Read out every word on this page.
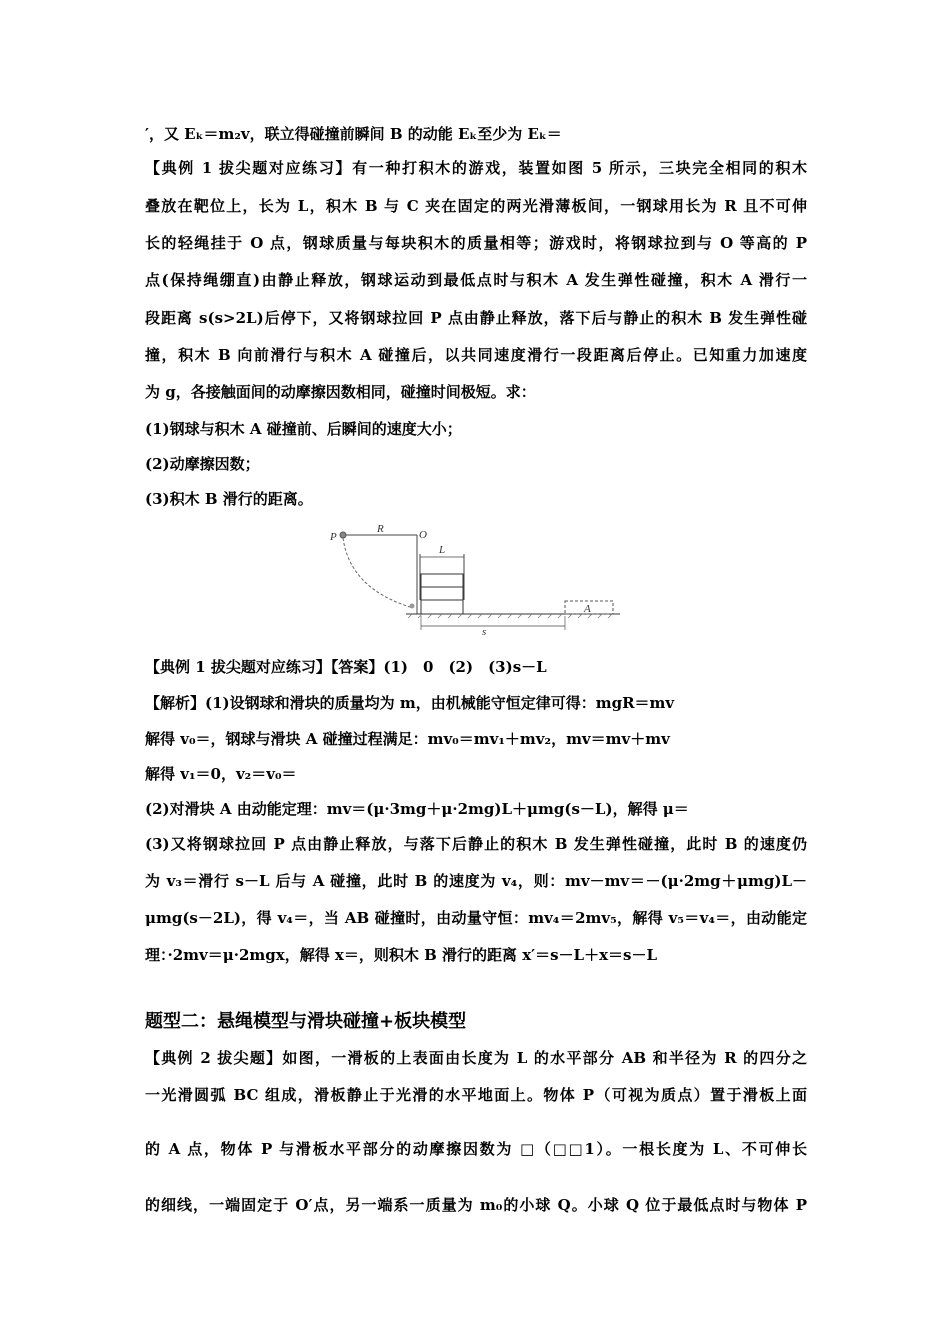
′，又 Eₖ＝m₂v，联立得碰撞前瞬间 B 的动能 Eₖ至少为 Eₖ＝
【典例 1 拔尖题对应练习】有一种打积木的游戏，装置如图 5 所示，三块完全相同的积木
叠放在靶位上，长为 L，积木 B 与 C 夹在固定的两光滑薄板间，一钢球用长为 R 且不可伸
长的轻绳挂于 O 点，钢球质量与每块积木的质量相等；游戏时，将钢球拉到与 O 等高的 P
点(保持绳绷直)由静止释放，钢球运动到最低点时与积木 A 发生弹性碰撞，积木 A 滑行一
段距离 s(s>2L)后停下，又将钢球拉回 P 点由静止释放，落下后与静止的积木 B 发生弹性碰
撞，积木 B 向前滑行与积木 A 碰撞后，以共同速度滑行一段距离后停止。已知重力加速度
为 g，各接触面间的动摩擦因数相同，碰撞时间极短。求：
(1)钢球与积木 A 碰撞前、后瞬间的速度大小；
(2)动摩擦因数；
(3)积木 B 滑行的距离。
P
R	O
L
A
s
【典例 1 拔尖题对应练习】【答案】(1)　0　(2)　(3)s－L
【解析】(1)设钢球和滑块的质量均为 m，由机械能守恒定律可得：mgR＝mv
解得 v₀＝，钢球与滑块 A 碰撞过程满足：mv₀＝mv₁＋mv₂，mv＝mv＋mv
解得 v₁＝0，v₂＝v₀＝
(2)对滑块 A 由动能定理：mv＝(μ·3mg＋μ·2mg)L＋μmg(s－L)，解得 μ＝
(3)又将钢球拉回 P 点由静止释放，与落下后静止的积木 B 发生弹性碰撞，此时 B 的速度仍
为 v₃＝滑行 s－L 后与 A 碰撞，此时 B 的速度为 v₄，则：mv－mv＝－(μ·2mg＋μmg)L－
μmg(s－2L)，得 v₄＝，当 AB 碰撞时，由动量守恒：mv₄＝2mv₅，解得 v₅＝v₄＝，由动能定
理：·2mv＝μ·2mgx，解得 x＝，则积木 B 滑行的距离 x′＝s－L＋x＝s－L
题型二：悬绳模型与滑块碰撞+板块模型
【典例 2 拔尖题】如图，一滑板的上表面由长度为 L 的水平部分 AB 和半径为 R 的四分之
一光滑圆弧 BC 组成，滑板静止于光滑的水平地面上。物体 P（可视为质点）置于滑板上面
的 A 点，物体 P 与滑板水平部分的动摩擦因数为 □（□□1）。一根长度为 L、不可伸长
的细线，一端固定于 O′点，另一端系一质量为 m₀的小球 Q。小球 Q 位于最低点时与物体 P
